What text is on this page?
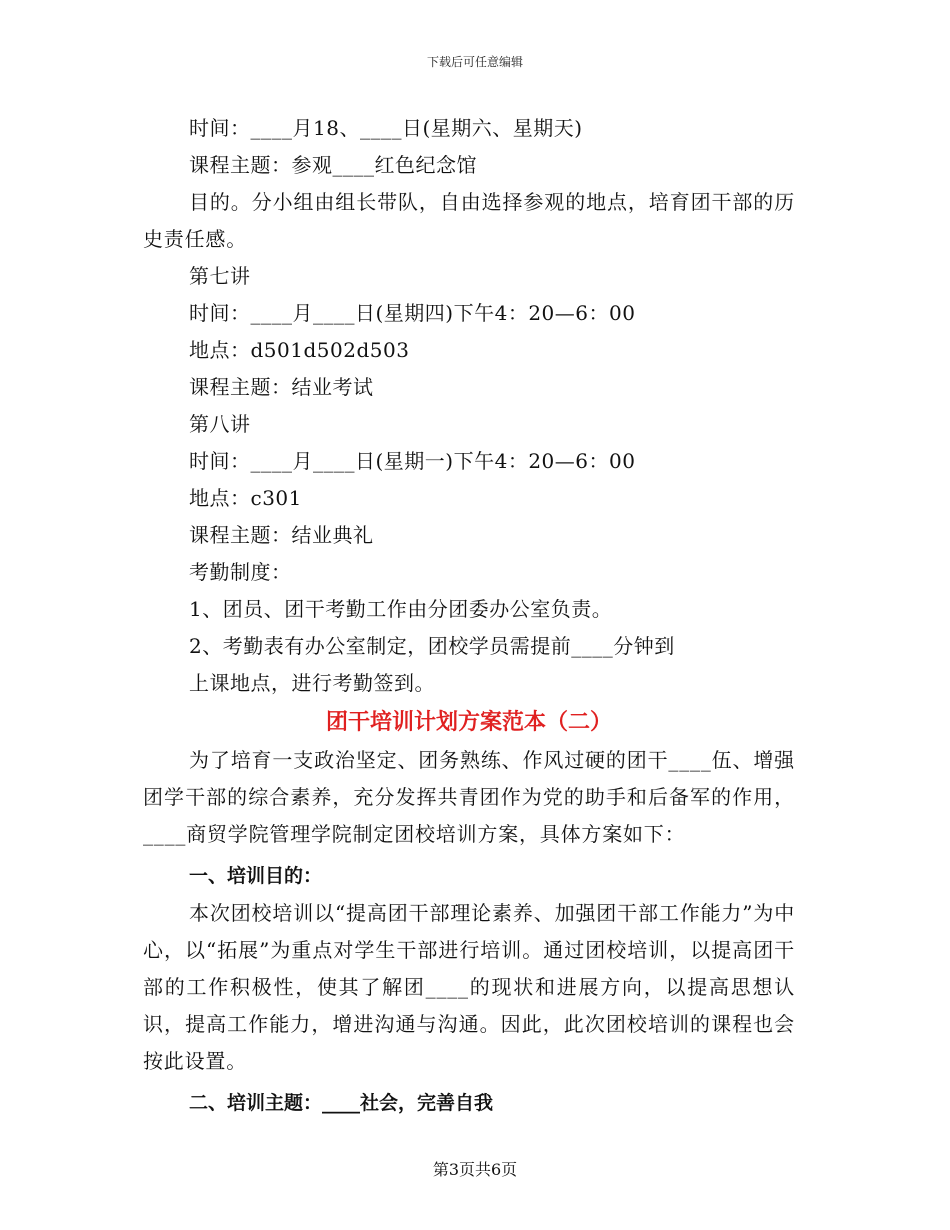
下载后可任意编辑
时间：____月18、____日(星期六、星期天)
课程主题：参观____红色纪念馆

目的。分小组由组长带队，自由选择参观的地点，培育团干部的历史责任感。

第七讲
时间：____月____日(星期四)下午4：20—6：00
地点：d501d502d503
课程主题：结业考试
第八讲
时间：____月____日(星期一)下午4：20—6：00
地点：c301
课程主题：结业典礼
考勤制度：
1、团员、团干考勤工作由分团委办公室负责。
2、考勤表有办公室制定，团校学员需提前____分钟到
上课地点，进行考勤签到。
团干培训计划方案范本（二）

为了培育一支政治坚定、团务熟练、作风过硬的团干____伍、增强团学干部的综合素养，充分发挥共青团作为党的助手和后备军的作用，____商贸学院管理学院制定团校培训方案，具体方案如下：

一、培训目的：

本次团校培训以“提高团干部理论素养、加强团干部工作能力”为中心，以“拓展”为重点对学生干部进行培训。通过团校培训，以提高团干部的工作积极性，使其了解团____的现状和进展方向，以提高思想认识，提高工作能力，增进沟通与沟通。因此，此次团校培训的课程也会按此设置。

二、培训主题：____社会，完善自我
第3页共6页
